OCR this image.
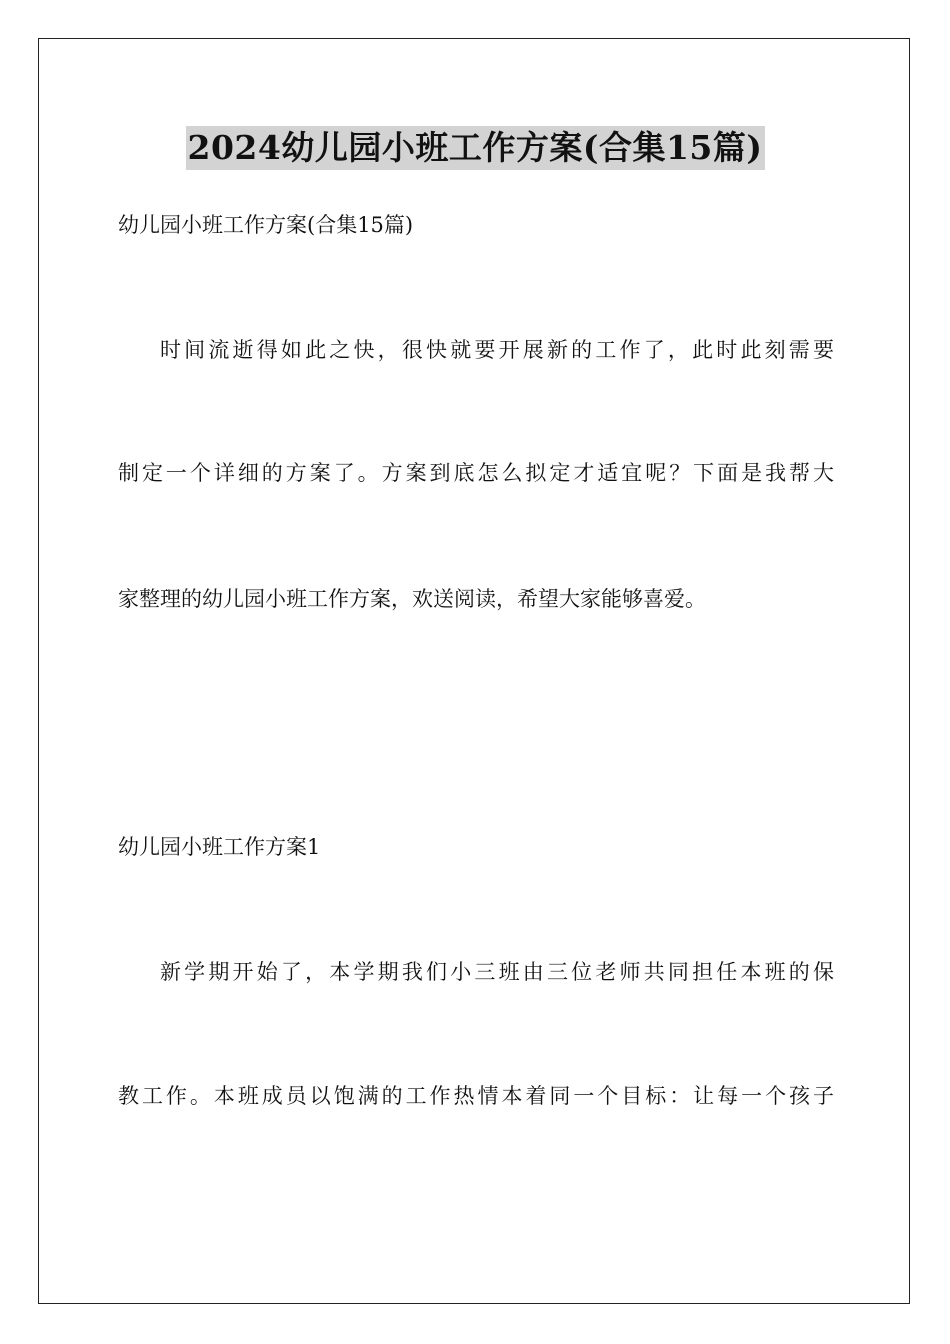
2024幼儿园小班工作方案(合集15篇)
幼儿园小班工作方案(合集15篇)
时间流逝得如此之快，很快就要开展新的工作了，此时此刻需要
制定一个详细的方案了。方案到底怎么拟定才适宜呢？下面是我帮大
家整理的幼儿园小班工作方案，欢送阅读，希望大家能够喜爱。
幼儿园小班工作方案1
新学期开始了，本学期我们小三班由三位老师共同担任本班的保
教工作。本班成员以饱满的工作热情本着同一个目标：让每一个孩子
